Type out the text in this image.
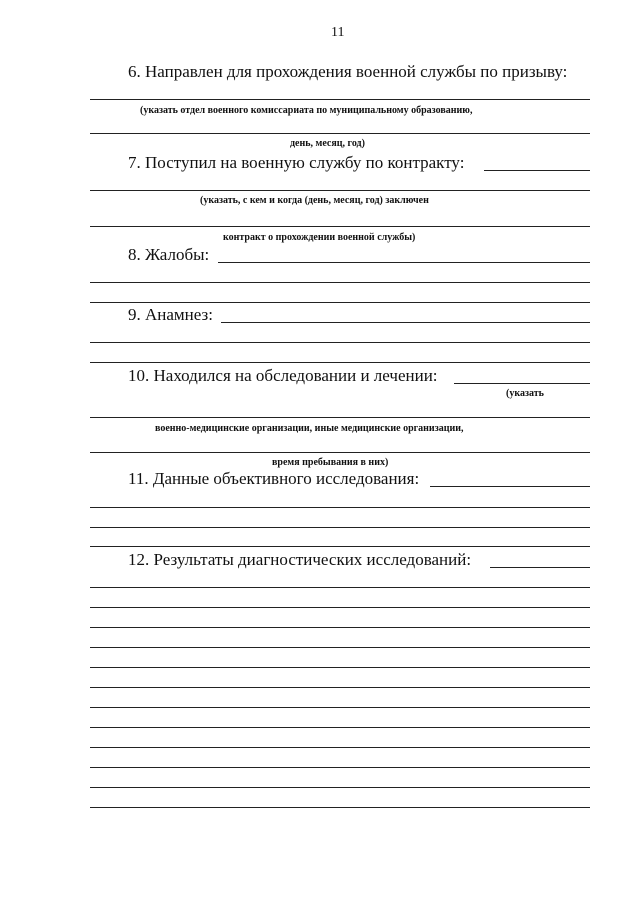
11
6. Направлен для прохождения военной службы по призыву:
(указать отдел военного комиссариата по муниципальному образованию,
день, месяц, год)
7. Поступил на военную службу по контракту:
(указать, с кем и когда (день, месяц, год) заключен
контракт о прохождении военной службы)
8. Жалобы:
9. Анамнез:
10. Находился на обследовании и лечении:
(указать
военно-медицинские организации, иные медицинские организации,
время пребывания в них)
11. Данные объективного исследования:
12. Результаты диагностических исследований:
